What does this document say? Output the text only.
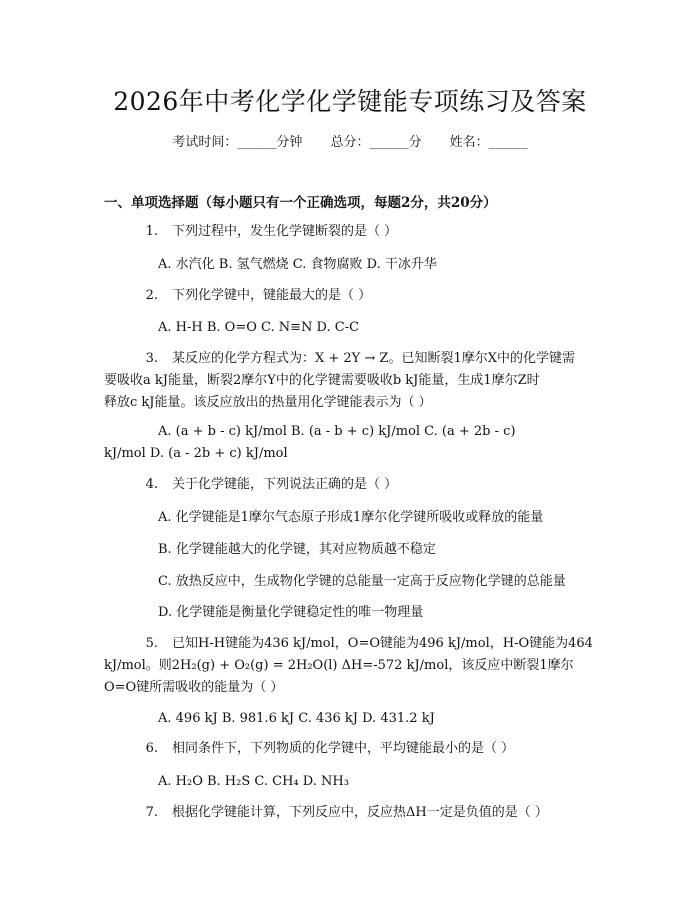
2026年中考化学化学键能专项练习及答案
考试时间：______分钟 总分：______分 姓名：______
一、单项选择题（每小题只有一个正确选项，每题2分，共20分）
1. 下列过程中，发生化学键断裂的是（ ）
A. 水汽化 B. 氢气燃烧 C. 食物腐败 D. 干冰升华
2. 下列化学键中，键能最大的是（ ）
A. H-H B. O=O C. N≡N D. C-C
3. 某反应的化学方程式为：X + 2Y → Z。已知断裂1摩尔X中的化学键需
要吸收a kJ能量，断裂2摩尔Y中的化学键需要吸收b kJ能量，生成1摩尔Z时
释放c kJ能量。该反应放出的热量用化学键能表示为（ ）
A. (a + b - c) kJ/mol B. (a - b + c) kJ/mol C. (a + 2b - c)
kJ/mol D. (a - 2b + c) kJ/mol
4. 关于化学键能，下列说法正确的是（ ）
A. 化学键能是1摩尔气态原子形成1摩尔化学键所吸收或释放的能量
B. 化学键能越大的化学键，其对应物质越不稳定
C. 放热反应中，生成物化学键的总能量一定高于反应物化学键的总能量
D. 化学键能是衡量化学键稳定性的唯一物理量
5. 已知H-H键能为436 kJ/mol，O=O键能为496 kJ/mol，H-O键能为464
kJ/mol。则2H₂(g) + O₂(g) = 2H₂O(l) ΔH=-572 kJ/mol，该反应中断裂1摩尔
O=O键所需吸收的能量为（ ）
A. 496 kJ B. 981.6 kJ C. 436 kJ D. 431.2 kJ
6. 相同条件下，下列物质的化学键中，平均键能最小的是（ ）
A. H₂O B. H₂S C. CH₄ D. NH₃
7. 根据化学键能计算，下列反应中，反应热ΔH一定是负值的是（ ）
